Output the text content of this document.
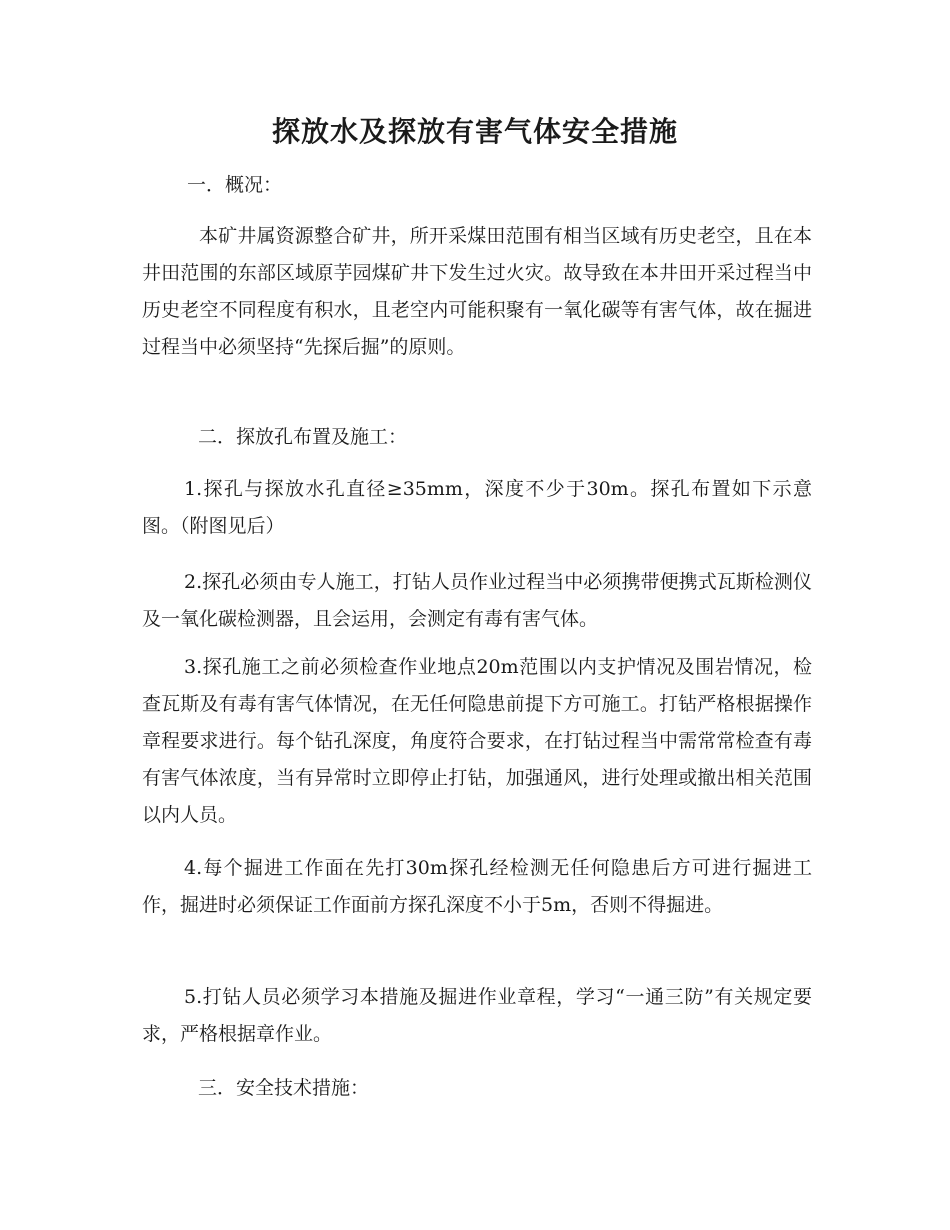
探放水及探放有害气体安全措施
一．概况：

本矿井属资源整合矿井，所开采煤田范围有相当区域有历史老空，且在本井田范围的东部区域原芋园煤矿井下发生过火灾。故导致在本井田开采过程当中历史老空不同程度有积水，且老空内可能积聚有一氧化碳等有害气体，故在掘进过程当中必须坚持“先探后掘”的原则。

二．探放孔布置及施工：

1.探孔与探放水孔直径≥35mm，深度不少于30m。探孔布置如下示意图。（附图见后）

2.探孔必须由专人施工，打钻人员作业过程当中必须携带便携式瓦斯检测仪及一氧化碳检测器，且会运用，会测定有毒有害气体。

3.探孔施工之前必须检查作业地点20m范围以内支护情况及围岩情况，检查瓦斯及有毒有害气体情况，在无任何隐患前提下方可施工。打钻严格根据操作章程要求进行。每个钻孔深度，角度符合要求，在打钻过程当中需常常检查有毒有害气体浓度，当有异常时立即停止打钻，加强通风，进行处理或撤出相关范围以内人员。

4.每个掘进工作面在先打30m探孔经检测无任何隐患后方可进行掘进工作，掘进时必须保证工作面前方探孔深度不小于5m，否则不得掘进。

5.打钻人员必须学习本措施及掘进作业章程，学习“一通三防”有关规定要求，严格根据章作业。

三．安全技术措施：
